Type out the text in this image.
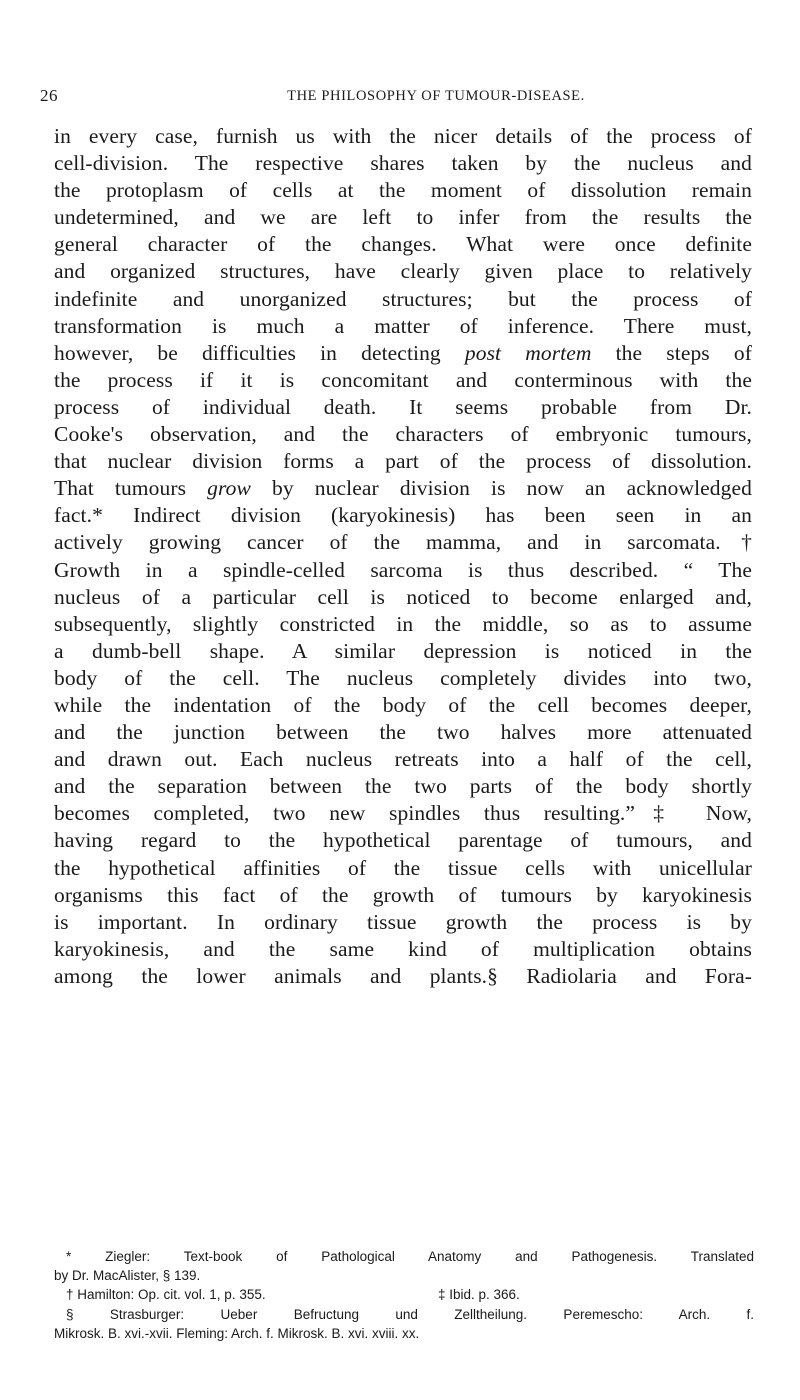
26	THE PHILOSOPHY OF TUMOUR-DISEASE.
in every case, furnish us with the nicer details of the process of
cell-division. The respective shares taken by the nucleus and
the protoplasm of cells at the moment of dissolution remain
undetermined, and we are left to infer from the results the
general character of the changes. What were once definite
and organized structures, have clearly given place to relatively
indefinite and unorganized structures; but the process of
transformation is much a matter of inference. There must,
however, be difficulties in detecting post mortem the steps of
the process if it is concomitant and conterminous with the
process of individual death. It seems probable from Dr.
Cooke's observation, and the characters of embryonic tumours,
that nuclear division forms a part of the process of dissolution.
That tumours grow by nuclear division is now an acknowledged
fact.* Indirect division (karyokinesis) has been seen in an
actively growing cancer of the mamma, and in sarcomata.†
Growth in a spindle-celled sarcoma is thus described. “ The
nucleus of a particular cell is noticed to become enlarged and,
subsequently, slightly constricted in the middle, so as to assume
a dumb-bell shape. A similar depression is noticed in the
body of the cell. The nucleus completely divides into two,
while the indentation of the body of the cell becomes deeper,
and the junction between the two halves more attenuated
and drawn out. Each nucleus retreats into a half of the cell,
and the separation between the two parts of the body shortly
becomes completed, two new spindles thus resulting.”‡ Now,
having regard to the hypothetical parentage of tumours, and
the hypothetical affinities of the tissue cells with unicellular
organisms this fact of the growth of tumours by karyokinesis
is important. In ordinary tissue growth the process is by
karyokinesis, and the same kind of multiplication obtains
among the lower animals and plants.§ Radiolaria and Fora-
* Ziegler: Text-book of Pathological Anatomy and Pathogenesis. Translated
by Dr. MacAlister, § 139.
† Hamilton: Op. cit. vol. 1, p. 355.	‡ Ibid. p. 366.
§ Strasburger: Ueber Befructung und Zelltheilung. Peremescho: Arch. f.
Mikrosk. B. xvi.-xvii. Fleming: Arch. f. Mikrosk. B. xvi. xviii. xx.
